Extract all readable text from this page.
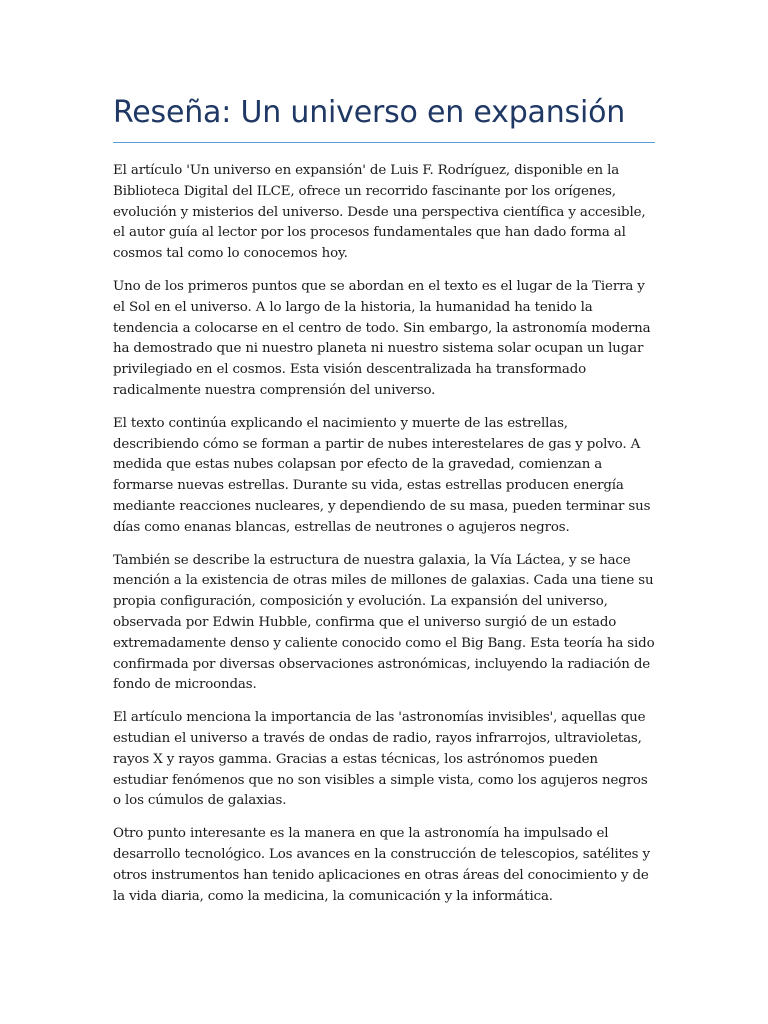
Reseña: Un universo en expansión

El artículo 'Un universo en expansión' de Luis F. Rodríguez, disponible en la Biblioteca Digital del ILCE, ofrece un recorrido fascinante por los orígenes, evolución y misterios del universo. Desde una perspectiva científica y accesible, el autor guía al lector por los procesos fundamentales que han dado forma al cosmos tal como lo conocemos hoy.

Uno de los primeros puntos que se abordan en el texto es el lugar de la Tierra y el Sol en el universo. A lo largo de la historia, la humanidad ha tenido la tendencia a colocarse en el centro de todo. Sin embargo, la astronomía moderna ha demostrado que ni nuestro planeta ni nuestro sistema solar ocupan un lugar privilegiado en el cosmos. Esta visión descentralizada ha transformado radicalmente nuestra comprensión del universo.

El texto continúa explicando el nacimiento y muerte de las estrellas, describiendo cómo se forman a partir de nubes interestelares de gas y polvo. A medida que estas nubes colapsan por efecto de la gravedad, comienzan a formarse nuevas estrellas. Durante su vida, estas estrellas producen energía mediante reacciones nucleares, y dependiendo de su masa, pueden terminar sus días como enanas blancas, estrellas de neutrones o agujeros negros.

También se describe la estructura de nuestra galaxia, la Vía Láctea, y se hace mención a la existencia de otras miles de millones de galaxias. Cada una tiene su propia configuración, composición y evolución. La expansión del universo, observada por Edwin Hubble, confirma que el universo surgió de un estado extremadamente denso y caliente conocido como el Big Bang. Esta teoría ha sido confirmada por diversas observaciones astronómicas, incluyendo la radiación de fondo de microondas.

El artículo menciona la importancia de las 'astronomías invisibles', aquellas que estudian el universo a través de ondas de radio, rayos infrarrojos, ultravioletas, rayos X y rayos gamma. Gracias a estas técnicas, los astrónomos pueden estudiar fenómenos que no son visibles a simple vista, como los agujeros negros o los cúmulos de galaxias.

Otro punto interesante es la manera en que la astronomía ha impulsado el desarrollo tecnológico. Los avances en la construcción de telescopios, satélites y otros instrumentos han tenido aplicaciones en otras áreas del conocimiento y de la vida diaria, como la medicina, la comunicación y la informática.
